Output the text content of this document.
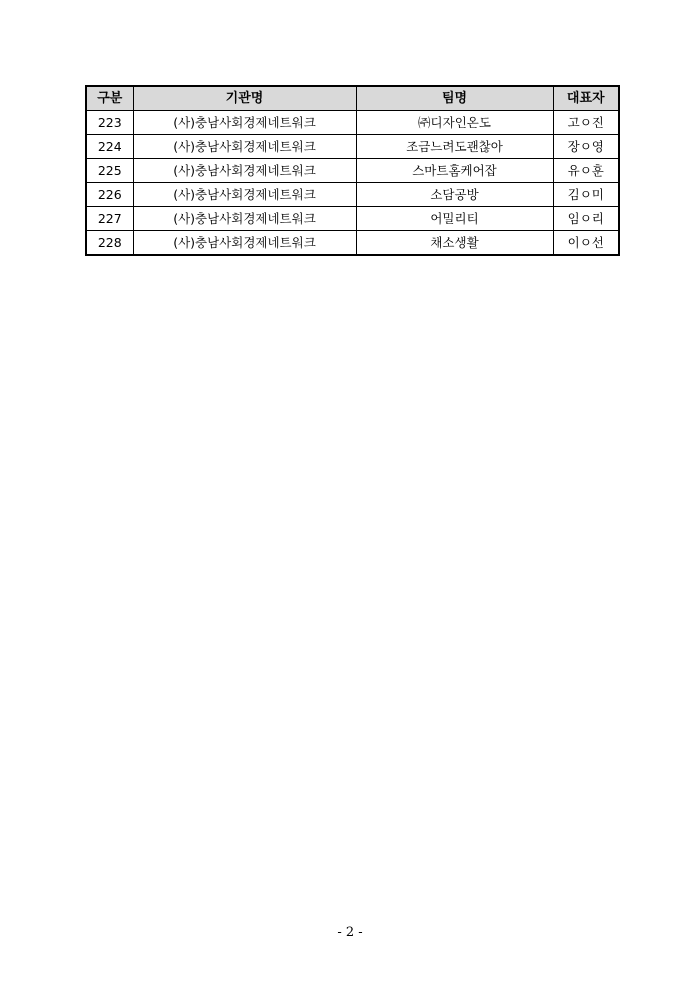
구분	기관명	팀명	대표자
223	(사)충남사회경제네트워크	㈜디자인온도	고ㅇ진
224	(사)충남사회경제네트워크	조금느려도괜찮아	장ㅇ영
225	(사)충남사회경제네트워크	스마트홈케어잡	유ㅇ훈
226	(사)충남사회경제네트워크	소담공방	김ㅇ미
227	(사)충남사회경제네트워크	어밀리티	임ㅇ리
228	(사)충남사회경제네트워크	채소생활	이ㅇ선
- 2 -
